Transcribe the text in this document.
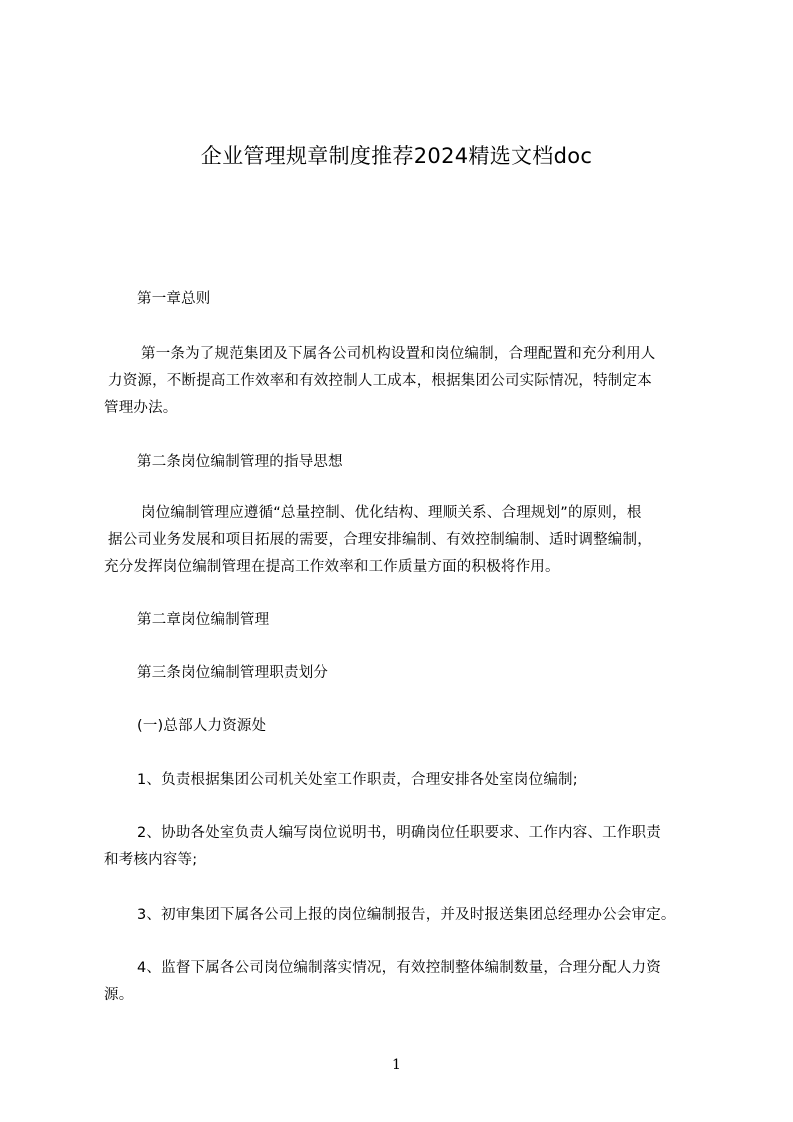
企业管理规章制度推荐2024精选文档doc
第一章总则
第一条为了规范集团及下属各公司机构设置和岗位编制，合理配置和充分利用人
力资源，不断提高工作效率和有效控制人工成本，根据集团公司实际情况，特制定本
管理办法。
第二条岗位编制管理的指导思想
岗位编制管理应遵循“总量控制、优化结构、理顺关系、合理规划”的原则，根
据公司业务发展和项目拓展的需要，合理安排编制、有效控制编制、适时调整编制，
充分发挥岗位编制管理在提高工作效率和工作质量方面的积极将作用。
第二章岗位编制管理
第三条岗位编制管理职责划分
(一)总部人力资源处
1、负责根据集团公司机关处室工作职责，合理安排各处室岗位编制;
2、协助各处室负责人编写岗位说明书，明确岗位任职要求、工作内容、工作职责
和考核内容等;
3、初审集团下属各公司上报的岗位编制报告，并及时报送集团总经理办公会审定。
4、监督下属各公司岗位编制落实情况，有效控制整体编制数量，合理分配人力资
源。
1
